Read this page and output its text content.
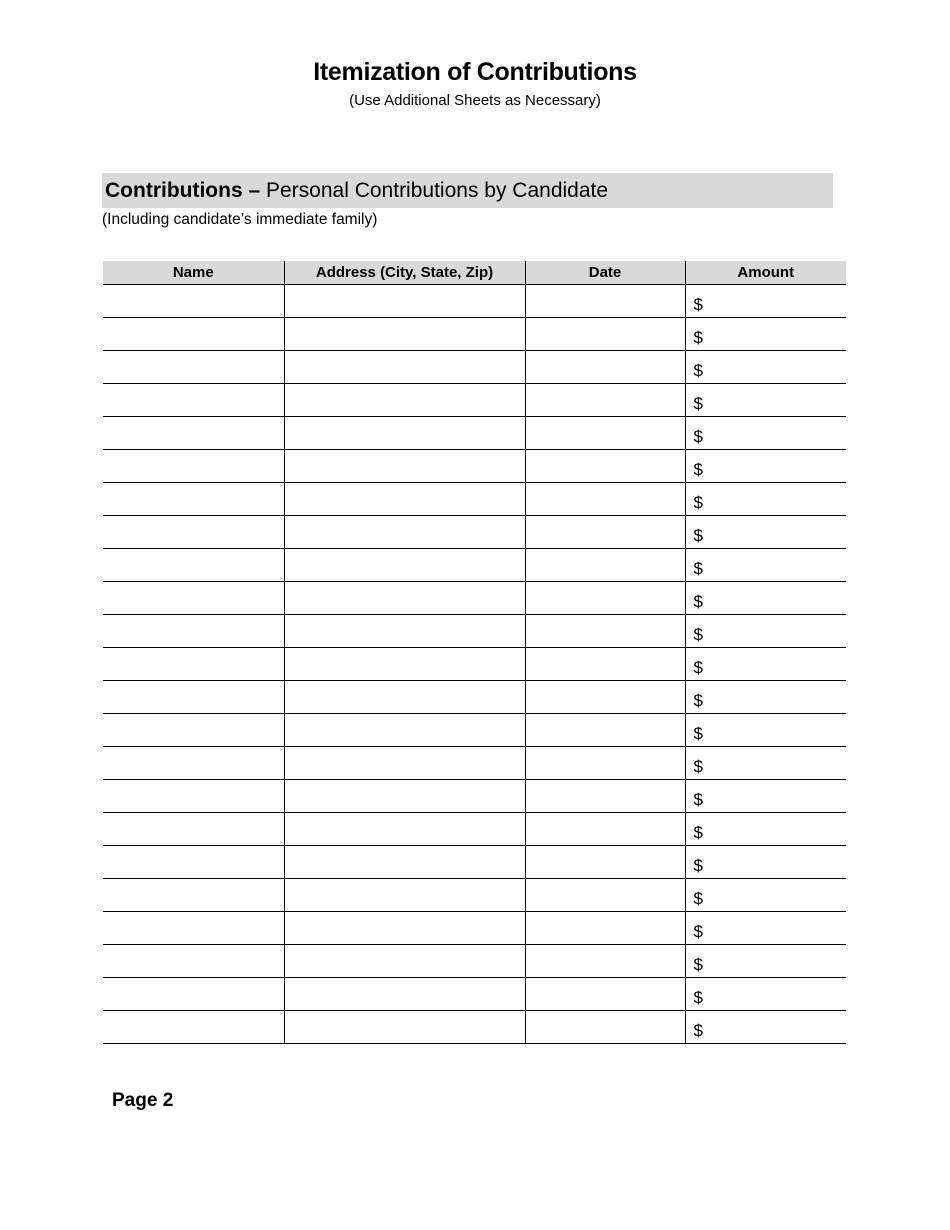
Itemization of Contributions
(Use Additional Sheets as Necessary)
Contributions – Personal Contributions by Candidate
(Including candidate’s immediate family)
Name	Address (City, State, Zip)	Date	Amount
			$
			$
			$
			$
			$
			$
			$
			$
			$
			$
			$
			$
			$
			$
			$
			$
			$
			$
			$
			$
			$
			$
			$
Page 2
